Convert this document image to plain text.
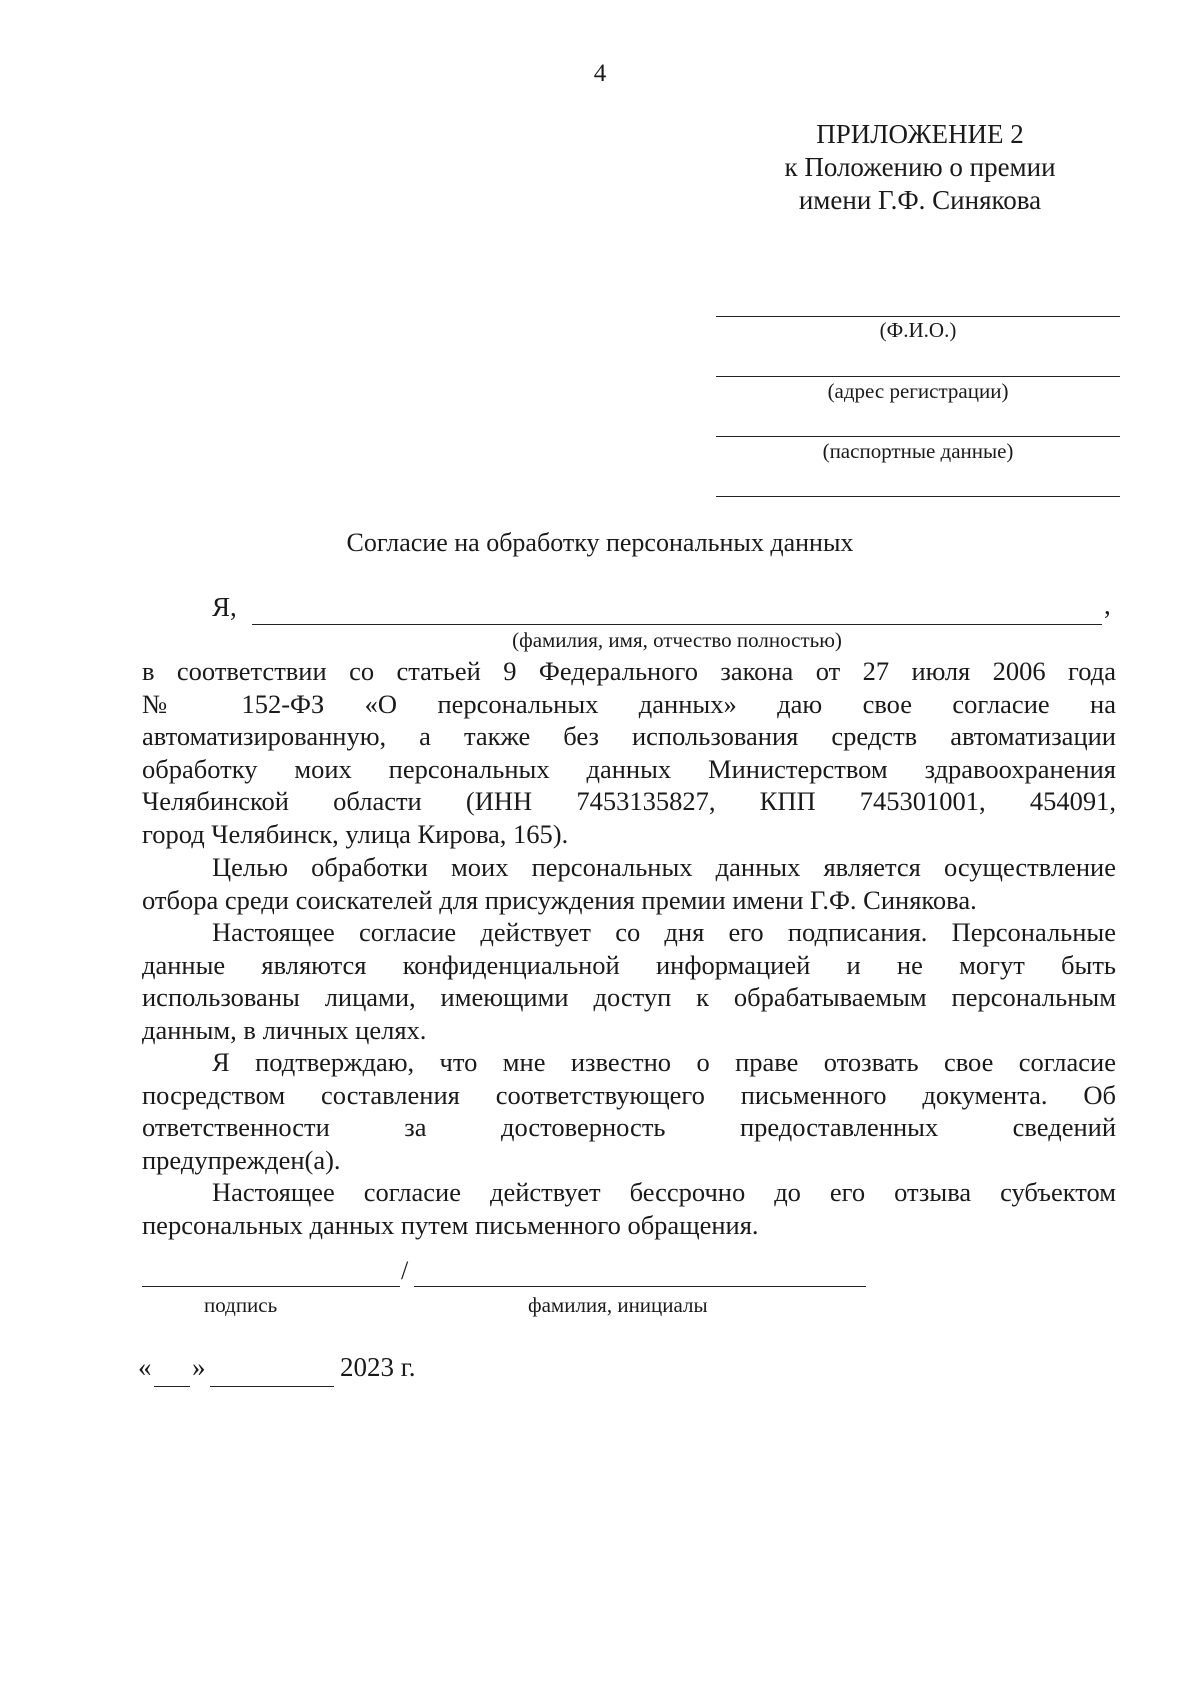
4
ПРИЛОЖЕНИЕ 2
к Положению о премии
имени Г.Ф. Синякова
(Ф.И.О.)
(адрес регистрации)
(паспортные данные)
Согласие на обработку персональных данных
Я,	,
(фамилия, имя, отчество полностью)

в соответствии со статьей 9 Федерального закона от 27 июля 2006 года

№ 152-ФЗ «О персональных данных» даю свое согласие на

автоматизированную, а также без использования средств автоматизации

обработку моих персональных данных Министерством здравоохранения

Челябинской области (ИНН 7453135827, КПП 745301001, 454091,

город Челябинск, улица Кирова, 165).

Целью обработки моих персональных данных является осуществление

отбора среди соискателей для присуждения премии имени Г.Ф. Синякова.

Настоящее согласие действует со дня его подписания. Персональные

данные являются конфиденциальной информацией и не могут быть

использованы лицами, имеющими доступ к обрабатываемым персональным

данным, в личных целях.

Я подтверждаю, что мне известно о праве отозвать свое согласие

посредством составления соответствующего письменного документа. Об

ответственности за достоверность предоставленных сведений

предупрежден(а).

Настоящее согласие действует бессрочно до его отзыва субъектом

персональных данных путем письменного обращения.

/
подпись	фамилия, инициалы
« »	2023 г.
